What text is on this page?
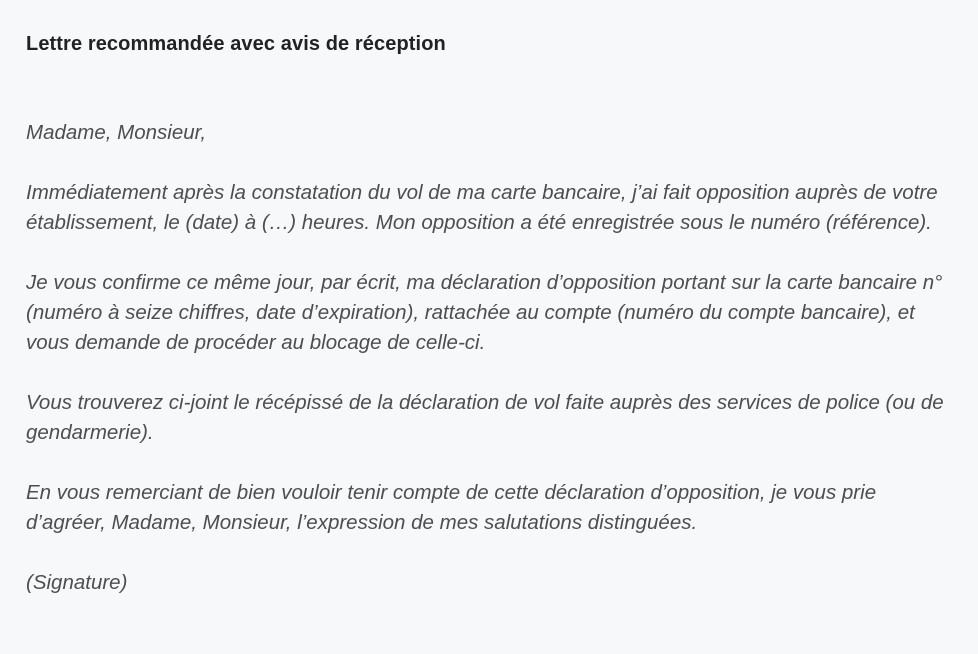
Lettre recommandée avec avis de réception

Madame, Monsieur,

Immédiatement après la constatation du vol de ma carte bancaire, j’ai fait opposition auprès de votre établissement, le (date) à (…) heures. Mon opposition a été enregistrée sous le numéro (référence).

Je vous confirme ce même jour, par écrit, ma déclaration d’opposition portant sur la carte bancaire n° (numéro à seize chiffres, date d’expiration), rattachée au compte (numéro du compte bancaire), et vous demande de procéder au blocage de celle-ci.

Vous trouverez ci-joint le récépissé de la déclaration de vol faite auprès des services de police (ou de gendarmerie).

En vous remerciant de bien vouloir tenir compte de cette déclaration d’opposition, je vous prie d’agréer, Madame, Monsieur, l’expression de mes salutations distinguées.

(Signature)
